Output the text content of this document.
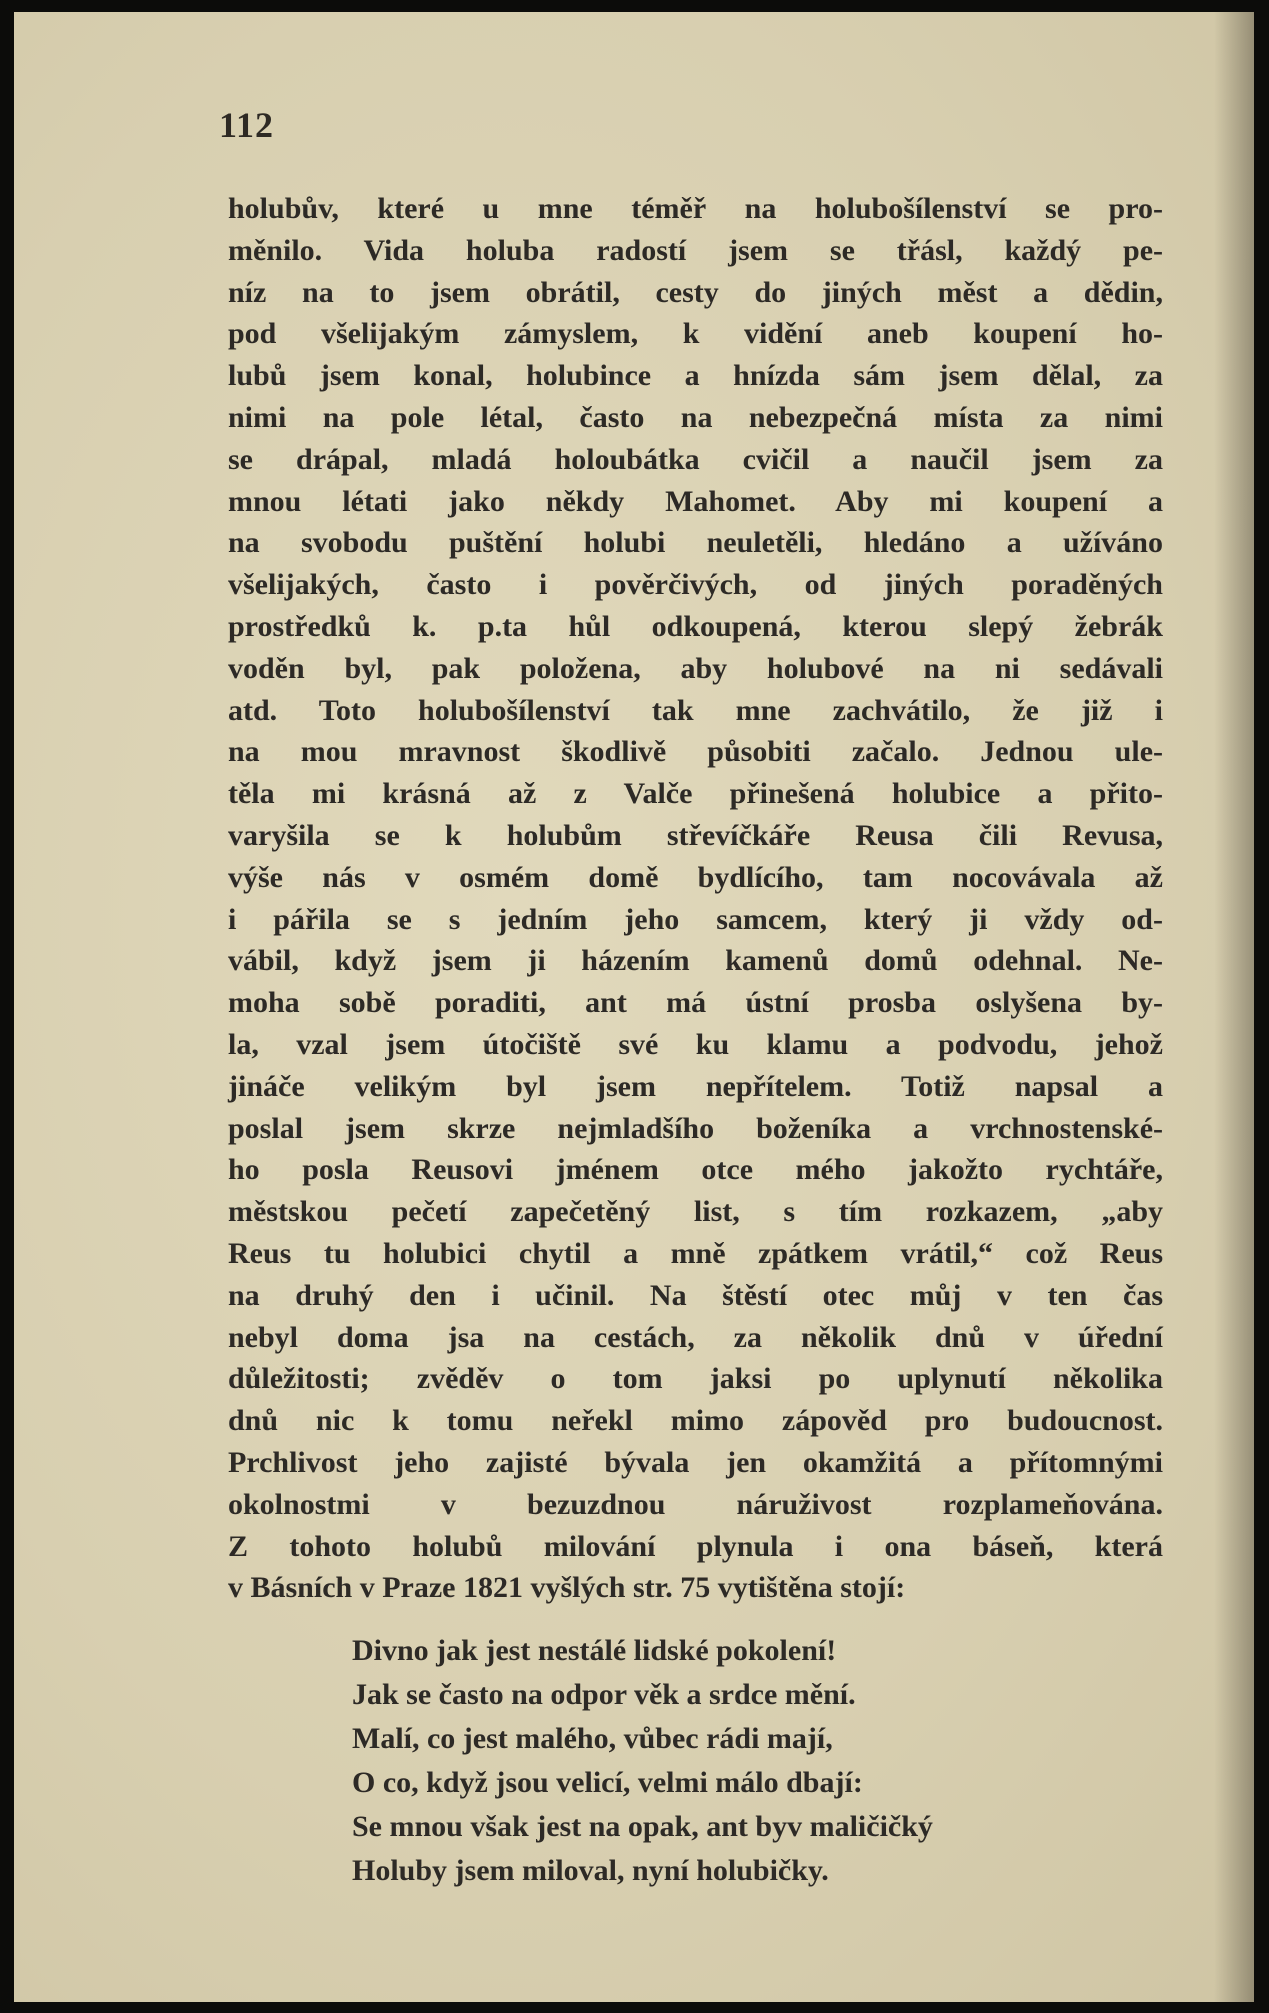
112
holubův, které u mne téměř na holubošílenství se pro-
měnilo. Vida holuba radostí jsem se třásl, každý pe-
níz na to jsem obrátil, cesty do jiných měst a dědin,
pod všelijakým zámyslem, k vidění aneb koupení ho-
lubů jsem konal, holubince a hnízda sám jsem dělal, za
nimi na pole létal, často na nebezpečná místa za nimi
se drápal, mladá holoubátka cvičil a naučil jsem za
mnou létati jako někdy Mahomet. Aby mi koupení a
na svobodu puštění holubi neuletěli, hledáno a užíváno
všelijakých, často i pověrčivých, od jiných poraděných
prostředků k. p.ta hůl odkoupená, kterou slepý žebrák
voděn byl, pak položena, aby holubové na ni sedávali
atd. Toto holubošílenství tak mne zachvátilo, že již i
na mou mravnost škodlivě působiti začalo. Jednou ule-
těla mi krásná až z Valče přinešená holubice a přito-
varyšila se k holubům střevíčkáře Reusa čili Revusa,
výše nás v osmém domě bydlícího, tam nocovávala až
i pářila se s jedním jeho samcem, který ji vždy od-
vábil, když jsem ji házením kamenů domů odehnal. Ne-
moha sobě poraditi, ant má ústní prosba oslyšena by-
la, vzal jsem útočiště své ku klamu a podvodu, jehož
jináče velikým byl jsem nepřítelem. Totiž napsal a
poslal jsem skrze nejmladšího boženíka a vrchnostenské-
ho posla Reusovi jménem otce mého jakožto rychtáře,
městskou pečetí zapečetěný list, s tím rozkazem, „aby
Reus tu holubici chytil a mně zpátkem vrátil,“ což Reus
na druhý den i učinil. Na štěstí otec můj v ten čas
nebyl doma jsa na cestách, za několik dnů v úřední
důležitosti; zvěděv o tom jaksi po uplynutí několika
dnů nic k tomu neřekl mimo zápověd pro budoucnost.
Prchlivost jeho zajisté bývala jen okamžitá a přítomnými
okolnostmi v bezuzdnou náruživost rozplameňována.
Z tohoto holubů milování plynula i ona báseň, která
v Básních v Praze 1821 vyšlých str. 75 vytištěna stojí:
Divno jak jest nestálé lidské pokolení!
Jak se často na odpor věk a srdce mění.
Malí, co jest malého, vůbec rádi mají,
O co, když jsou velicí, velmi málo dbají:
Se mnou však jest na opak, ant byv maličičký
Holuby jsem miloval, nyní holubičky.
